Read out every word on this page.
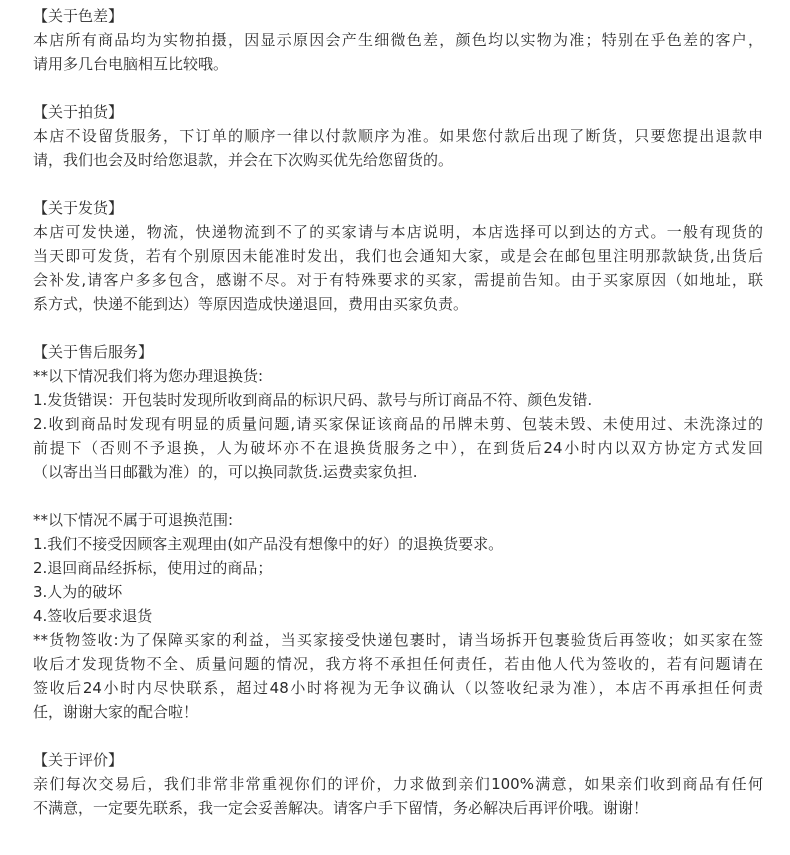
【关于色差】
本店所有商品均为实物拍摄，因显示原因会产生细微色差，颜色均以实物为准；特别在乎色差的客户，
请用多几台电脑相互比较哦。
【关于拍货】
本店不设留货服务，下订单的顺序一律以付款顺序为准。如果您付款后出现了断货，只要您提出退款申
请，我们也会及时给您退款，并会在下次购买优先给您留货的。
【关于发货】
本店可发快递，物流，快递物流到不了的买家请与本店说明，本店选择可以到达的方式。一般有现货的
当天即可发货，若有个别原因未能准时发出，我们也会通知大家，或是会在邮包里注明那款缺货,出货后
会补发,请客户多多包含，感谢不尽。对于有特殊要求的买家，需提前告知。由于买家原因（如地址，联
系方式，快递不能到达）等原因造成快递退回，费用由买家负责。
【关于售后服务】
**以下情况我们将为您办理退换货:
1.发货错误：开包装时发现所收到商品的标识尺码、款号与所订商品不符、颜色发错.
2.收到商品时发现有明显的质量问题,请买家保证该商品的吊牌未剪、包装未毁、未使用过、未洗涤过的
前提下（否则不予退换，人为破坏亦不在退换货服务之中），在到货后24小时内以双方协定方式发回
（以寄出当日邮戳为准）的，可以换同款货.运费卖家负担.
**以下情况不属于可退换范围:
1.我们不接受因顾客主观理由(如产品没有想像中的好）的退换货要求。
2.退回商品经拆标，使用过的商品；
3.人为的破坏
4.签收后要求退货
**货物签收:为了保障买家的利益，当买家接受快递包裹时，请当场拆开包裹验货后再签收；如买家在签
收后才发现货物不全、质量问题的情况，我方将不承担任何责任，若由他人代为签收的，若有问题请在
签收后24小时内尽快联系，超过48小时将视为无争议确认（以签收纪录为准），本店不再承担任何责
任，谢谢大家的配合啦！
【关于评价】
亲们每次交易后，我们非常非常重视你们的评价，力求做到亲们100%满意，如果亲们收到商品有任何
不满意，一定要先联系，我一定会妥善解决。请客户手下留情，务必解决后再评价哦。谢谢！
